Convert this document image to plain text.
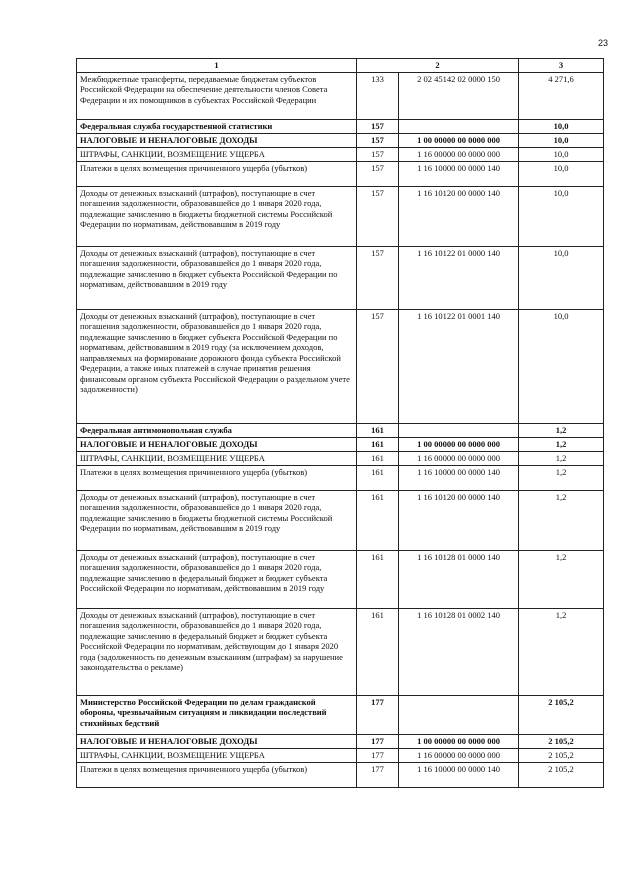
23
1	2		3
Межбюджетные трансферты, передаваемые бюджетам субъектов Российской Федерации на обеспечение деятельности членов Совета Федерации и их помощников в субъектах Российской Федерации	133	2 02 45142 02 0000 150	4 271,6
Федеральная служба государственной статистики	157		10,0
НАЛОГОВЫЕ И НЕНАЛОГОВЫЕ ДОХОДЫ	157	1 00 00000 00 0000 000	10,0
ШТРАФЫ, САНКЦИИ, ВОЗМЕЩЕНИЕ УЩЕРБА	157	1 16 00000 00 0000 000	10,0
Платежи в целях возмещения причиненного ущерба (убытков)	157	1 16 10000 00 0000 140	10,0
Доходы от денежных взысканий (штрафов), поступающие в счет погашения задолженности, образовавшейся до 1 января 2020 года, подлежащие зачислению в бюджеты бюджетной системы Российской Федерации по нормативам, действовавшим в 2019 году	157	1 16 10120 00 0000 140	10,0
Доходы от денежных взысканий (штрафов), поступающие в счет погашения задолженности, образовавшейся до 1 января 2020 года, подлежащие зачислению в бюджет субъекта Российской Федерации по нормативам, действовавшим в 2019 году	157	1 16 10122 01 0000 140	10,0
Доходы от денежных взысканий (штрафов), поступающие в счет погашения задолженности, образовавшейся до 1 января 2020 года, подлежащие зачислению в бюджет субъекта Российской Федерации по нормативам, действовавшим в 2019 году (за исключением доходов, направляемых на формирование дорожного фонда субъекта Российской Федерации, а также иных платежей в случае принятия решения финансовым органом субъекта Российской Федерации о раздельном учете задолженности)	157	1 16 10122 01 0001 140	10,0
Федеральная антимонопольная служба	161		1,2
НАЛОГОВЫЕ И НЕНАЛОГОВЫЕ ДОХОДЫ	161	1 00 00000 00 0000 000	1,2
ШТРАФЫ, САНКЦИИ, ВОЗМЕЩЕНИЕ УЩЕРБА	161	1 16 00000 00 0000 000	1,2
Платежи в целях возмещения причиненного ущерба (убытков)	161	1 16 10000 00 0000 140	1,2
Доходы от денежных взысканий (штрафов), поступающие в счет погашения задолженности, образовавшейся до 1 января 2020 года, подлежащие зачислению в бюджеты бюджетной системы Российской Федерации по нормативам, действовавшим в 2019 году	161	1 16 10120 00 0000 140	1,2
Доходы от денежных взысканий (штрафов), поступающие в счет погашения задолженности, образовавшейся до 1 января 2020 года, подлежащие зачислению в федеральный бюджет и бюджет субъекта Российской Федерации по нормативам, действовавшим в 2019 году	161	1 16 10128 01 0000 140	1,2
Доходы от денежных взысканий (штрафов), поступающие в счет погашения задолженности, образовавшейся до 1 января 2020 года, подлежащие зачислению в федеральный бюджет и бюджет субъекта Российской Федерации по нормативам, действующим до 1 января 2020 года (задолженность по денежным взысканиям (штрафам) за нарушение законодательства о рекламе)	161	1 16 10128 01 0002 140	1,2
Министерство Российской Федерации по делам гражданской обороны, чрезвычайным ситуациям и ликвидации последствий стихийных бедствий	177		2 105,2
НАЛОГОВЫЕ И НЕНАЛОГОВЫЕ ДОХОДЫ	177	1 00 00000 00 0000 000	2 105,2
ШТРАФЫ, САНКЦИИ, ВОЗМЕЩЕНИЕ УЩЕРБА	177	1 16 00000 00 0000 000	2 105,2
Платежи в целях возмещения причиненного ущерба (убытков)	177	1 16 10000 00 0000 140	2 105,2
